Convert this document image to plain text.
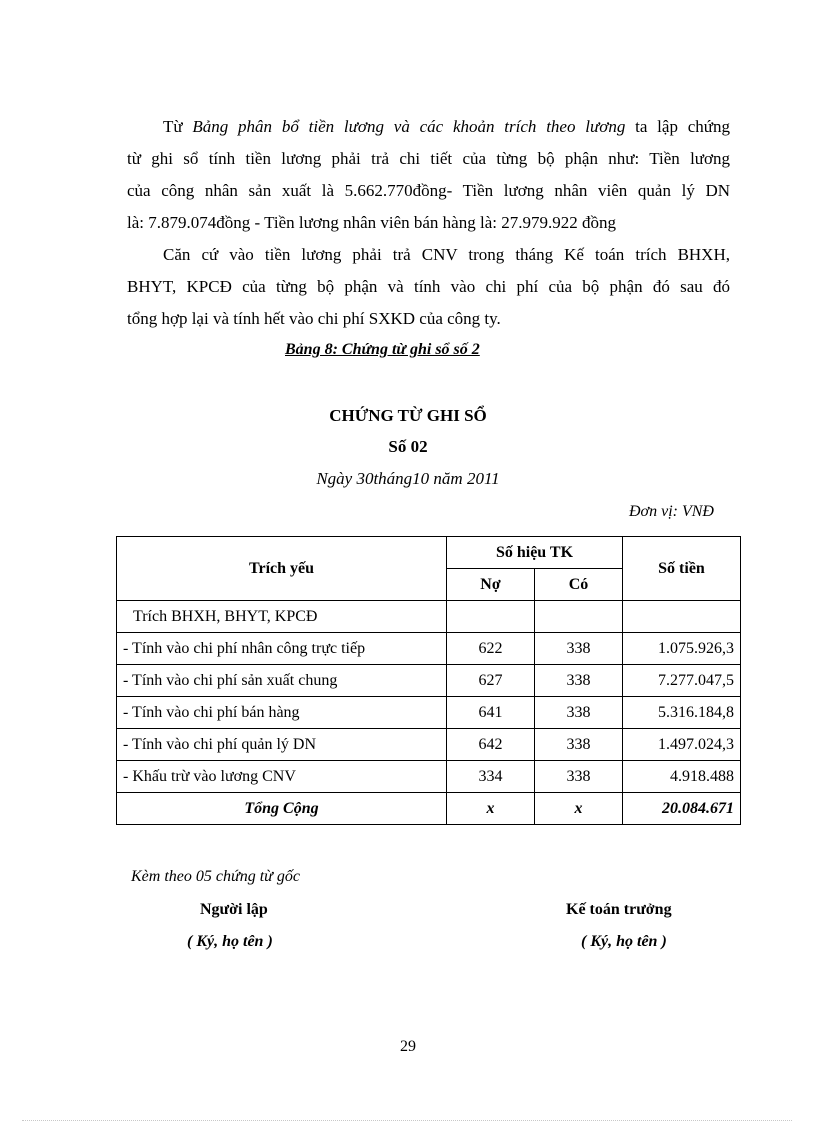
Từ Bảng phân bổ tiền lương và các khoản trích theo lương ta lập chứng
từ ghi sổ tính tiền lương phải trả chi tiết của từng bộ phận như: Tiền lương
của công nhân sản xuất là 5.662.770đồng- Tiền lương nhân viên quản lý DN
là: 7.879.074đồng - Tiền lương nhân viên bán hàng là: 27.979.922 đồng
Căn cứ vào tiền lương phải trả CNV trong tháng Kế toán trích BHXH,
BHYT, KPCĐ của từng bộ phận và tính vào chi phí của bộ phận đó sau đó
tổng hợp lại và tính hết vào chi phí SXKD của công ty.
Bảng 8: Chứng từ ghi sổ số 2
CHỨNG TỪ GHI SỔ
Số 02
Ngày 30tháng10 năm 2011
Đơn vị: VNĐ
Trích yếu	Số hiệu TK		Số tiền
	Nợ	Có	
Trích BHXH, BHYT, KPCĐ			
- Tính vào chi phí nhân công trực tiếp	622	338	1.075.926,3
- Tính vào chi phí sản xuất chung	627	338	7.277.047,5
- Tính vào chi phí bán hàng	641	338	5.316.184,8
- Tính vào chi phí quản lý DN	642	338	1.497.024,3
- Khấu trừ vào lương CNV	334	338	4.918.488
Tổng Cộng	x	x	20.084.671
Kèm theo 05 chứng từ gốc
Người lập
( Ký, họ tên )
Kế toán trưởng
( Ký, họ tên )
29
